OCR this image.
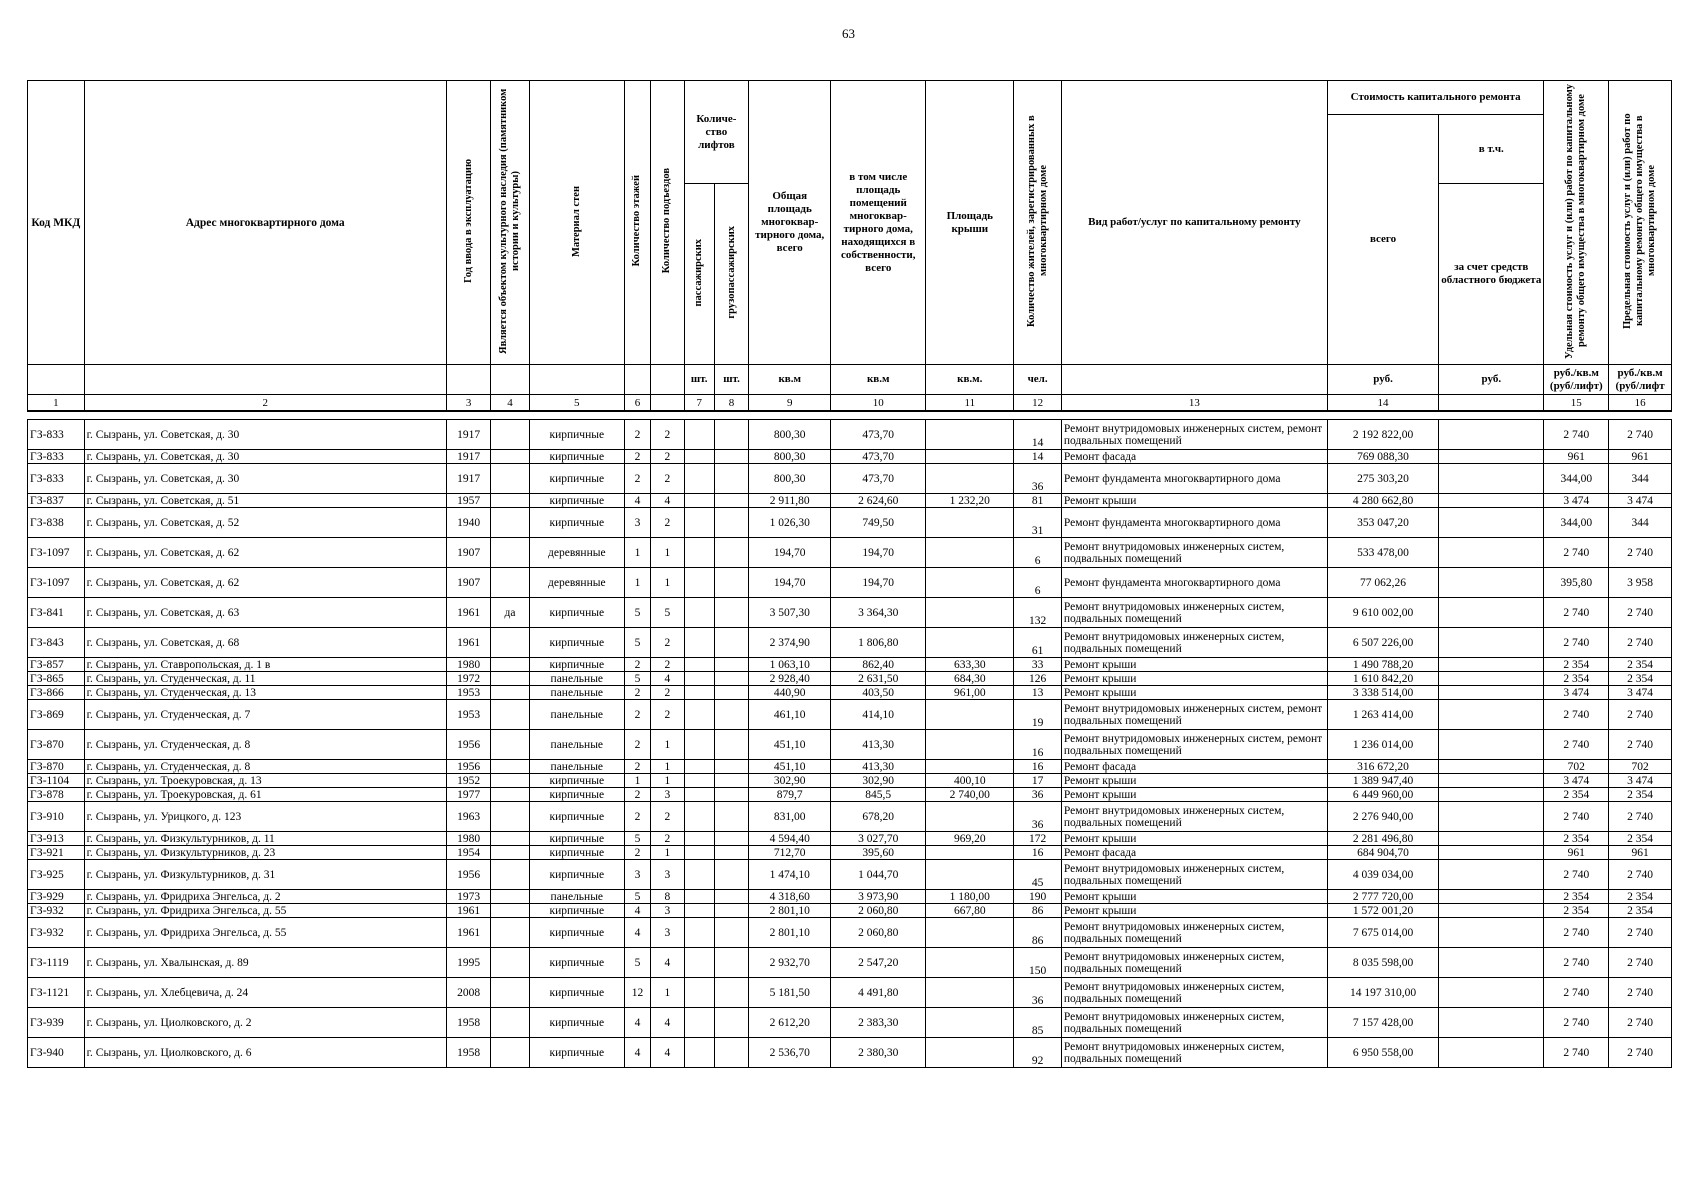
63
Код МКД	Адрес многоквартирного дома	Год ввода в эксплуатацию	Является объектом культурного наследия (памятником истории и культуры)	Материал стен	Количество этажей	Количество подъездов	Количе-ство лифтов		Общая площадь многоквар-тирного дома, всего	в том числе площадь помещений многоквар-тирного дома, находящихся в собственности, всего	Площадь крыши	Количество жителей, зарегистрированных в многоквартирном доме	Вид работ/услуг по капитальному ремонту	Стоимость капитального ремонта		Удельная стоимость услуг и (или) работ по капитальному ремонту общего имущества в многоквартирном доме	Предельная стоимость услуг и (или) работ по капитальному ремонту общего имущества в многоквартирном доме
														всего	в т.ч.		
							пассажирских	грузопассажирских							за счет средств областного бюджета		
							шт.	шт.	кв.м	кв.м	кв.м.	чел.		руб.	руб.	руб./кв.м (руб/лифт)	руб./кв.м (руб/лифт
1	2	3	4	5	6		7	8	9	10	11	12	13	14		15	16

ГЗ-833	г. Сызрань, ул. Советская, д. 30	1917		кирпичные	2	2			800,30	473,70		14	Ремонт внутридомовых инженерных систем, ремонт подвальных помещений	2 192 822,00		2 740	2 740
ГЗ-833	г. Сызрань, ул. Советская, д. 30	1917		кирпичные	2	2			800,30	473,70		14	Ремонт фасада	769 088,30		961	961
ГЗ-833	г. Сызрань, ул. Советская, д. 30	1917		кирпичные	2	2			800,30	473,70		36	Ремонт фундамента многоквартирного дома	275 303,20		344,00	344
ГЗ-837	г. Сызрань, ул. Советская, д. 51	1957		кирпичные	4	4			2 911,80	2 624,60	1 232,20	81	Ремонт крыши	4 280 662,80		3 474	3 474
ГЗ-838	г. Сызрань, ул. Советская, д. 52	1940		кирпичные	3	2			1 026,30	749,50		31	Ремонт фундамента многоквартирного дома	353 047,20		344,00	344
ГЗ-1097	г. Сызрань, ул. Советская, д. 62	1907		деревянные	1	1			194,70	194,70		6	Ремонт внутридомовых инженерных систем, подвальных помещений	533 478,00		2 740	2 740
ГЗ-1097	г. Сызрань, ул. Советская, д. 62	1907		деревянные	1	1			194,70	194,70		6	Ремонт фундамента многоквартирного дома	77 062,26		395,80	3 958
ГЗ-841	г. Сызрань, ул. Советская, д. 63	1961	да	кирпичные	5	5			3 507,30	3 364,30		132	Ремонт внутридомовых инженерных систем, подвальных помещений	9 610 002,00		2 740	2 740
ГЗ-843	г. Сызрань, ул. Советская, д. 68	1961		кирпичные	5	2			2 374,90	1 806,80		61	Ремонт внутридомовых инженерных систем, подвальных помещений	6 507 226,00		2 740	2 740
ГЗ-857	г. Сызрань, ул. Ставропольская, д. 1 в	1980		кирпичные	2	2			1 063,10	862,40	633,30	33	Ремонт крыши	1 490 788,20		2 354	2 354
ГЗ-865	г. Сызрань, ул. Студенческая, д. 11	1972		панельные	5	4			2 928,40	2 631,50	684,30	126	Ремонт крыши	1 610 842,20		2 354	2 354
ГЗ-866	г. Сызрань, ул. Студенческая, д. 13	1953		панельные	2	2			440,90	403,50	961,00	13	Ремонт крыши	3 338 514,00		3 474	3 474
ГЗ-869	г. Сызрань, ул. Студенческая, д. 7	1953		панельные	2	2			461,10	414,10		19	Ремонт внутридомовых инженерных систем, ремонт подвальных помещений	1 263 414,00		2 740	2 740
ГЗ-870	г. Сызрань, ул. Студенческая, д. 8	1956		панельные	2	1			451,10	413,30		16	Ремонт внутридомовых инженерных систем, ремонт подвальных помещений	1 236 014,00		2 740	2 740
ГЗ-870	г. Сызрань, ул. Студенческая, д. 8	1956		панельные	2	1			451,10	413,30		16	Ремонт фасада	316 672,20		702	702
ГЗ-1104	г. Сызрань, ул. Троекуровская, д. 13	1952		кирпичные	1	1			302,90	302,90	400,10	17	Ремонт крыши	1 389 947,40		3 474	3 474
ГЗ-878	г. Сызрань, ул. Троекуровская, д. 61	1977		кирпичные	2	3			879,7	845,5	2 740,00	36	Ремонт крыши	6 449 960,00		2 354	2 354
ГЗ-910	г. Сызрань, ул. Урицкого, д. 123	1963		кирпичные	2	2			831,00	678,20		36	Ремонт внутридомовых инженерных систем, подвальных помещений	2 276 940,00		2 740	2 740
ГЗ-913	г. Сызрань, ул. Физкультурников, д. 11	1980		кирпичные	5	2			4 594,40	3 027,70	969,20	172	Ремонт крыши	2 281 496,80		2 354	2 354
ГЗ-921	г. Сызрань, ул. Физкультурников, д. 23	1954		кирпичные	2	1			712,70	395,60		16	Ремонт фасада	684 904,70		961	961
ГЗ-925	г. Сызрань, ул. Физкультурников, д. 31	1956		кирпичные	3	3			1 474,10	1 044,70		45	Ремонт внутридомовых инженерных систем, подвальных помещений	4 039 034,00		2 740	2 740
ГЗ-929	г. Сызрань, ул. Фридриха Энгельса, д. 2	1973		панельные	5	8			4 318,60	3 973,90	1 180,00	190	Ремонт крыши	2 777 720,00		2 354	2 354
ГЗ-932	г. Сызрань, ул. Фридриха Энгельса, д. 55	1961		кирпичные	4	3			2 801,10	2 060,80	667,80	86	Ремонт крыши	1 572 001,20		2 354	2 354
ГЗ-932	г. Сызрань, ул. Фридриха Энгельса, д. 55	1961		кирпичные	4	3			2 801,10	2 060,80		86	Ремонт внутридомовых инженерных систем, подвальных помещений	7 675 014,00		2 740	2 740
ГЗ-1119	г. Сызрань, ул. Хвалынская, д. 89	1995		кирпичные	5	4			2 932,70	2 547,20		150	Ремонт внутридомовых инженерных систем, подвальных помещений	8 035 598,00		2 740	2 740
ГЗ-1121	г. Сызрань, ул. Хлебцевича, д. 24	2008		кирпичные	12	1			5 181,50	4 491,80		36	Ремонт внутридомовых инженерных систем, подвальных помещений	14 197 310,00		2 740	2 740
ГЗ-939	г. Сызрань, ул. Циолковского, д. 2	1958		кирпичные	4	4			2 612,20	2 383,30		85	Ремонт внутридомовых инженерных систем, подвальных помещений	7 157 428,00		2 740	2 740
ГЗ-940	г. Сызрань, ул. Циолковского, д. 6	1958		кирпичные	4	4			2 536,70	2 380,30		92	Ремонт внутридомовых инженерных систем, подвальных помещений	6 950 558,00		2 740	2 740
